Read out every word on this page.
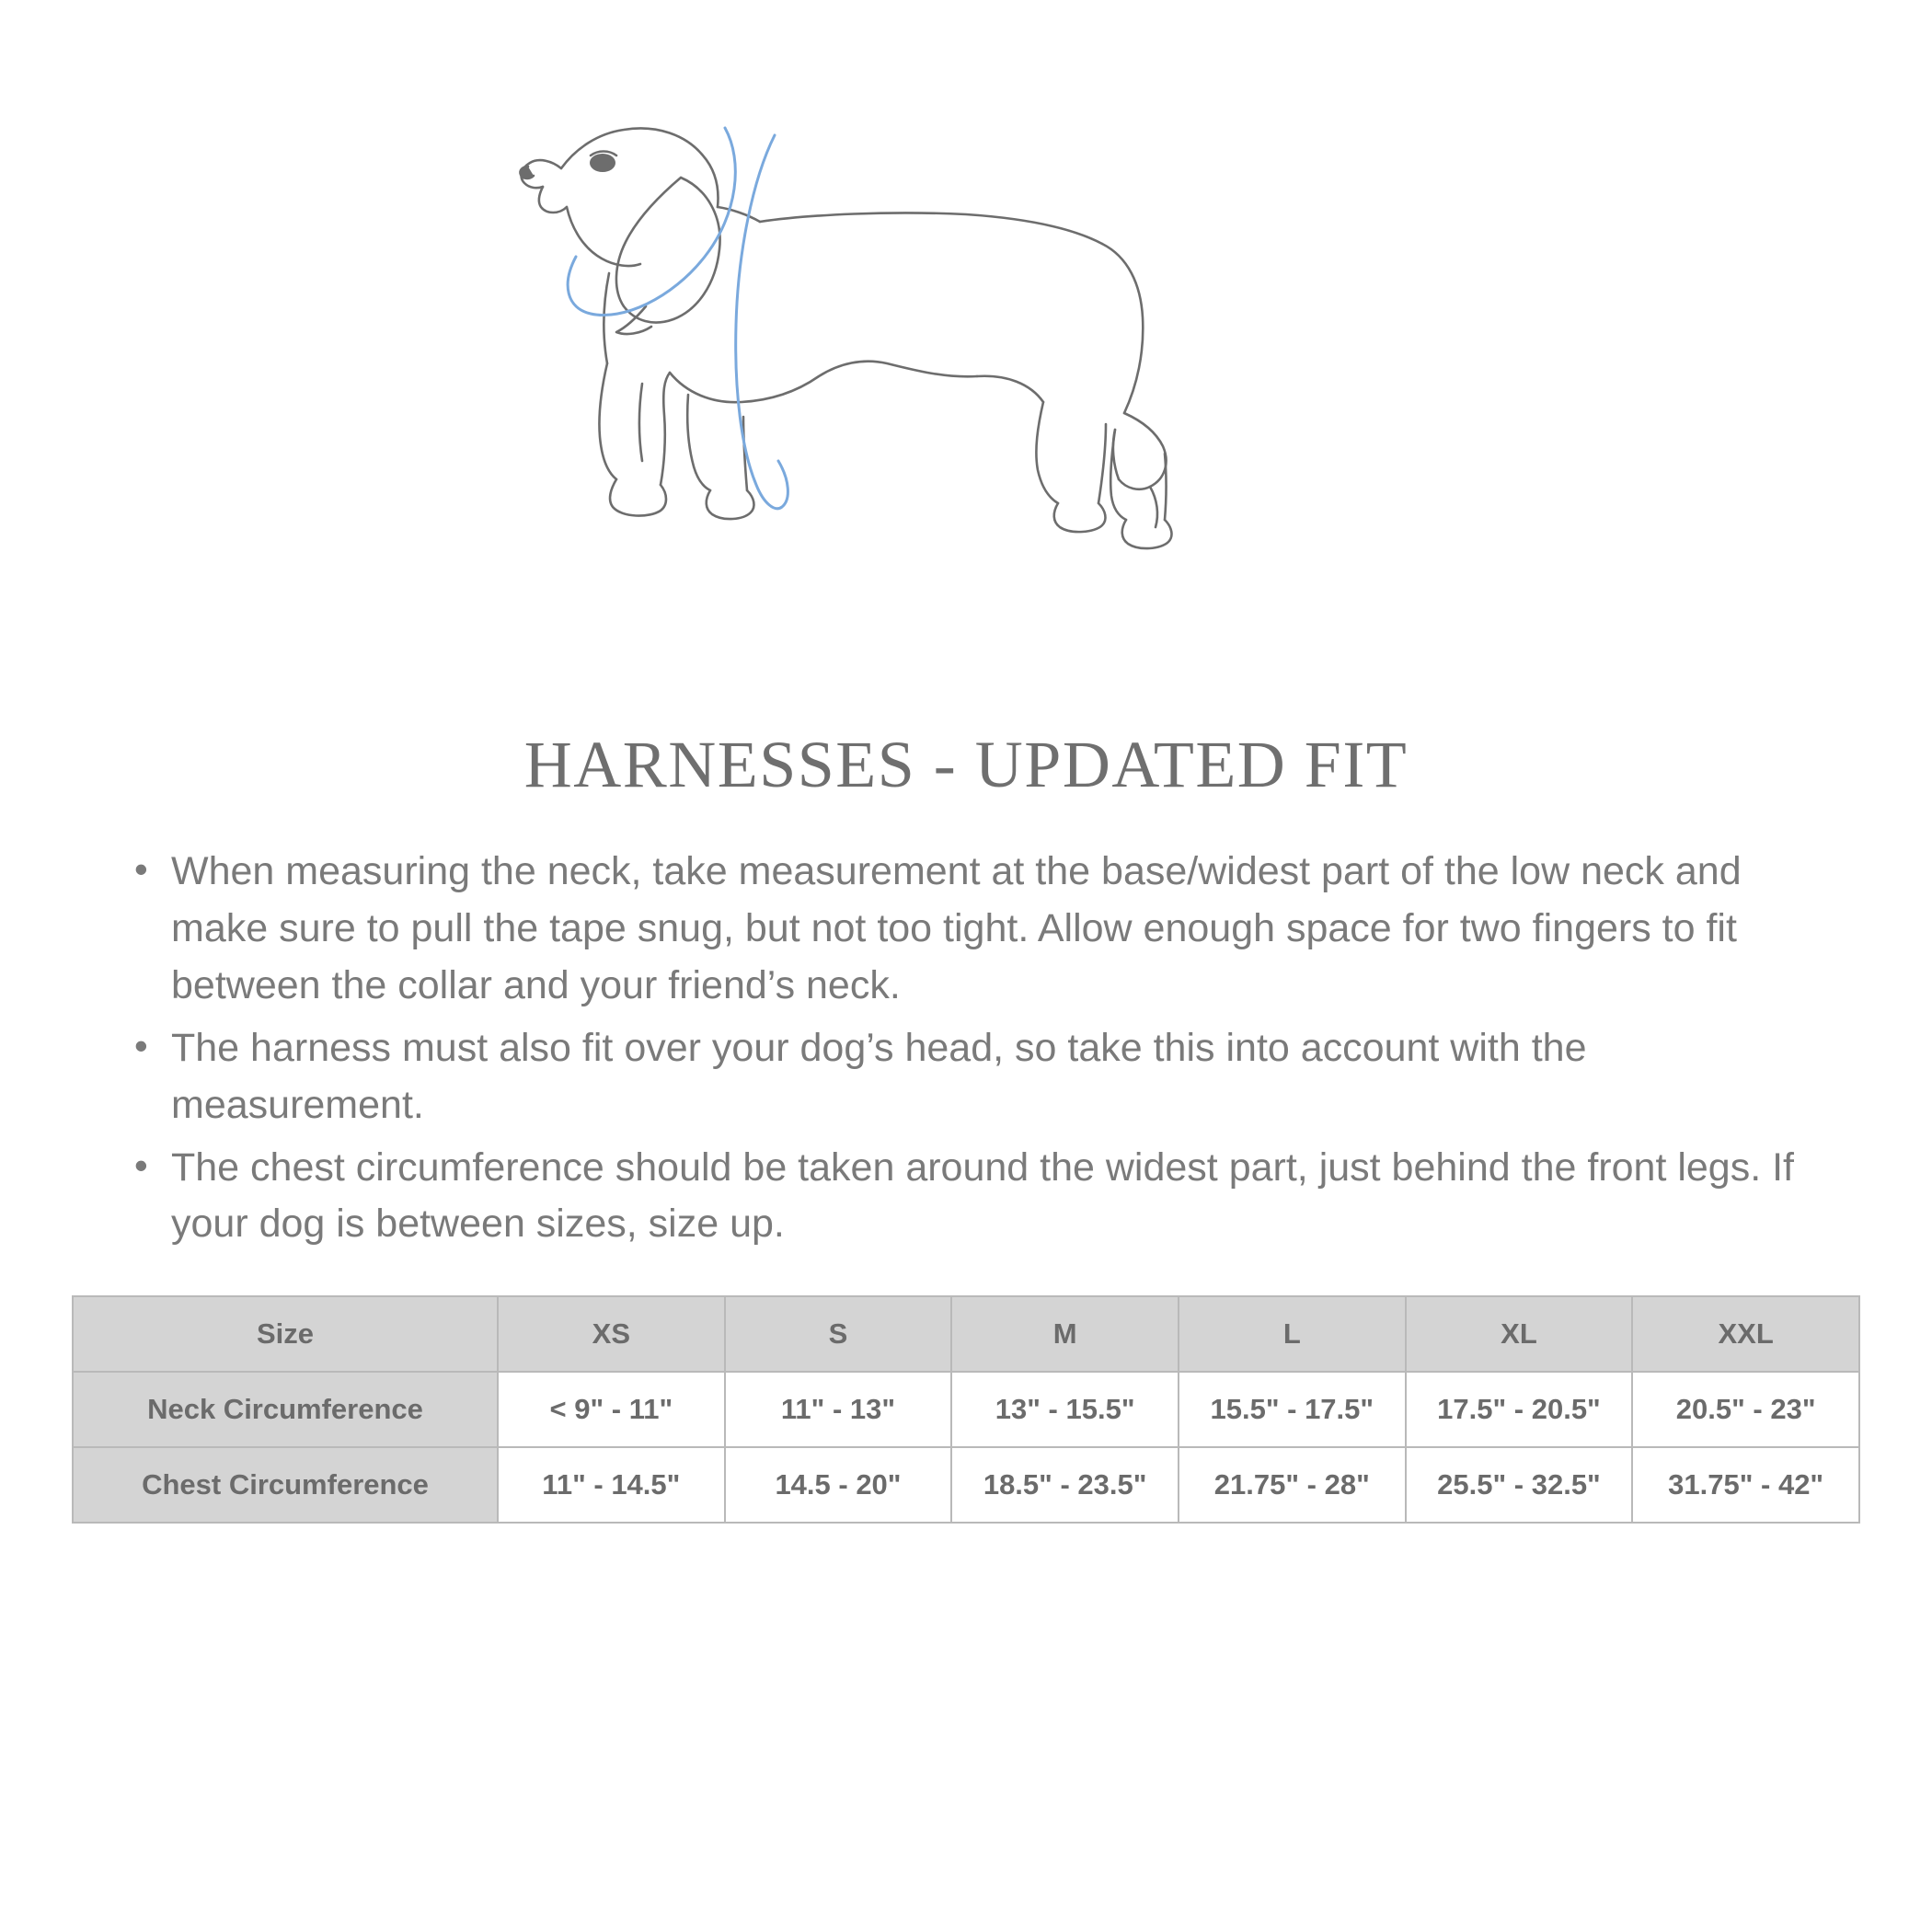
HARNESSES - UPDATED FIT
• When measuring the neck, take measurement at the base/widest part of the low neck and make sure to pull the tape snug, but not too tight. Allow enough space for two fingers to fit between the collar and your friend’s neck.
• The harness must also fit over your dog’s head, so take this into account with the measurement.
• The chest circumference should be taken around the widest part, just behind the front legs. If your dog is between sizes, size up.
Size	XS	S	M	L	XL	XXL
Neck Circumference	< 9" - 11"	11" - 13"	13" - 15.5"	15.5" - 17.5"	17.5" - 20.5"	20.5" - 23"
Chest Circumference	11" - 14.5"	14.5 - 20"	18.5" - 23.5"	21.75" - 28"	25.5" - 32.5"	31.75" - 42"
